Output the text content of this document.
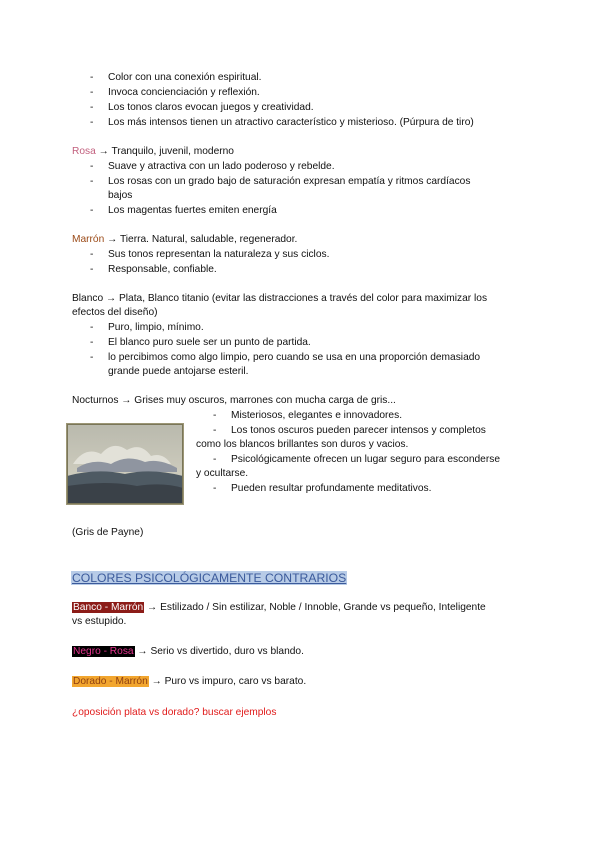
- Color con una conexión espiritual.
- Invoca concienciación y reflexión.
- Los tonos claros evocan juegos y creatividad.
- Los más intensos tienen un atractivo característico y misterioso. (Púrpura de tiro)
Rosa → Tranquilo, juvenil, moderno
- Suave y atractiva con un lado poderoso y rebelde.
- Los rosas con un grado bajo de saturación expresan empatía y ritmos cardíacos
bajos
- Los magentas fuertes emiten energía
Marrón → Tierra. Natural, saludable, regenerador.
- Sus tonos representan la naturaleza y sus ciclos.
- Responsable, confiable.
Blanco → Plata, Blanco titanio (evitar las distracciones a través del color para maximizar los
efectos del diseño)
- Puro, limpio, mínimo.
- El blanco puro suele ser un punto de partida.
- lo percibimos como algo limpio, pero cuando se usa en una proporción demasiado
grande puede antojarse esteril.
Nocturnos → Grises muy oscuros, marrones con mucha carga de gris...
- Misteriosos, elegantes e innovadores.
- Los tonos oscuros pueden parecer intensos y completos
como los blancos brillantes son duros y vacios.
- Psicológicamente ofrecen un lugar seguro para esconderse
y ocultarse.
- Pueden resultar profundamente meditativos.
(Gris de Payne)
COLORES PSICOLÓGICAMENTE CONTRARIOS
Banco - Marrón → Estilizado / Sin estilizar, Noble / Innoble, Grande vs pequeño, Inteligente
vs estupido.
Negro - Rosa → Serio vs divertido, duro vs blando.
Dorado - Marrón → Puro vs impuro, caro vs barato.
¿oposición plata vs dorado? buscar ejemplos
